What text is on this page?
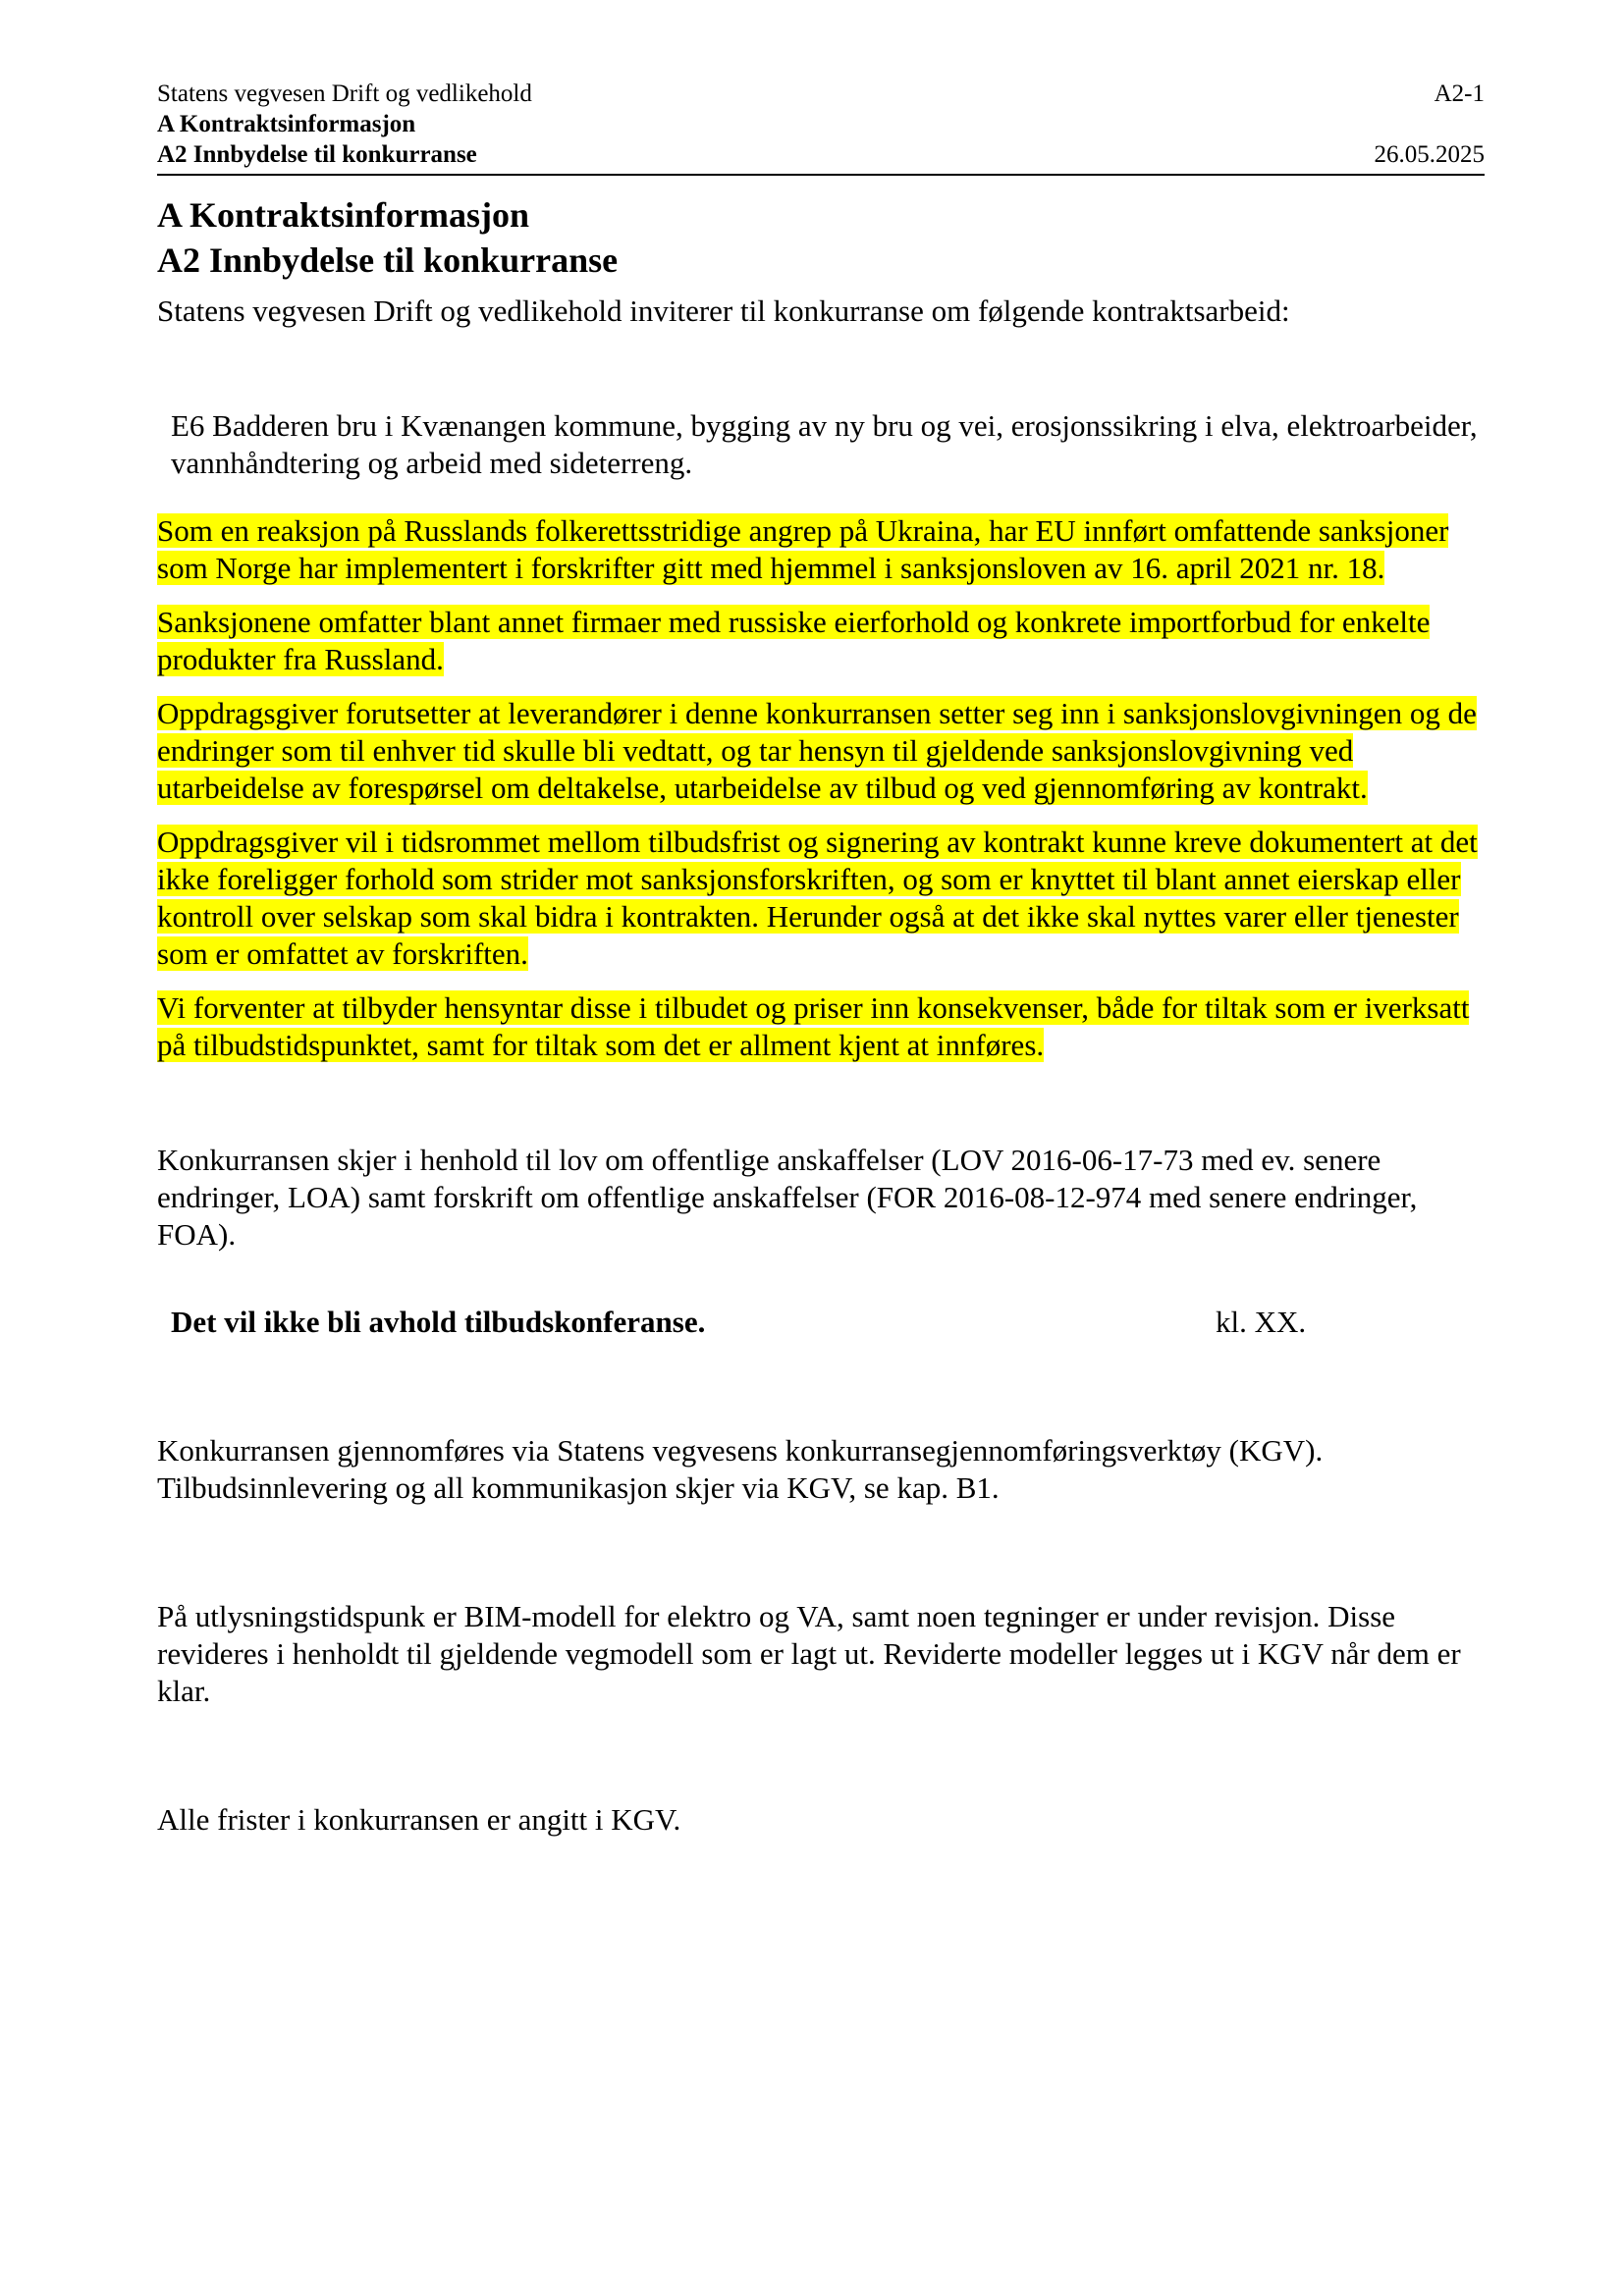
Statens vegvesen Drift og vedlikehold	A2-1
A Kontraktsinformasjon
A2 Innbydelse til konkurranse	26.05.2025
A Kontraktsinformasjon
A2 Innbydelse til konkurranse

Statens vegvesen Drift og vedlikehold inviterer til konkurranse om følgende kontraktsarbeid:

E6 Badderen bru i Kvænangen kommune, bygging av ny bru og vei, erosjonssikring i elva, elektroarbeider, vannhåndtering og arbeid med sideterreng.

Som en reaksjon på Russlands folkerettsstridige angrep på Ukraina, har EU innført omfattende sanksjoner som Norge har implementert i forskrifter gitt med hjemmel i sanksjonsloven av 16. april 2021 nr. 18.

Sanksjonene omfatter blant annet firmaer med russiske eierforhold og konkrete importforbud for enkelte produkter fra Russland.

Oppdragsgiver forutsetter at leverandører i denne konkurransen setter seg inn i sanksjonslovgivningen og de endringer som til enhver tid skulle bli vedtatt, og tar hensyn til gjeldende sanksjonslovgivning ved utarbeidelse av forespørsel om deltakelse, utarbeidelse av tilbud og ved gjennomføring av kontrakt.

Oppdragsgiver vil i tidsrommet mellom tilbudsfrist og signering av kontrakt kunne kreve dokumentert at det ikke foreligger forhold som strider mot sanksjonsforskriften, og som er knyttet til blant annet eierskap eller kontroll over selskap som skal bidra i kontrakten. Herunder også at det ikke skal nyttes varer eller tjenester som er omfattet av forskriften.

Vi forventer at tilbyder hensyntar disse i tilbudet og priser inn konsekvenser, både for tiltak som er iverksatt på tilbudstidspunktet, samt for tiltak som det er allment kjent at innføres.

Konkurransen skjer i henhold til lov om offentlige anskaffelser (LOV 2016-06-17-73 med ev. senere endringer, LOA) samt forskrift om offentlige anskaffelser (FOR 2016-08-12-974 med senere endringer, FOA).

Det vil ikke bli avhold tilbudskonferanse.	kl. XX.

Konkurransen gjennomføres via Statens vegvesens konkurransegjennomføringsverktøy (KGV). Tilbudsinnlevering og all kommunikasjon skjer via KGV, se kap. B1.

På utlysningstidspunk er BIM-modell for elektro og VA, samt noen tegninger er under revisjon. Disse revideres i henholdt til gjeldende vegmodell som er lagt ut. Reviderte modeller legges ut i KGV når dem er klar.

Alle frister i konkurransen er angitt i KGV.
